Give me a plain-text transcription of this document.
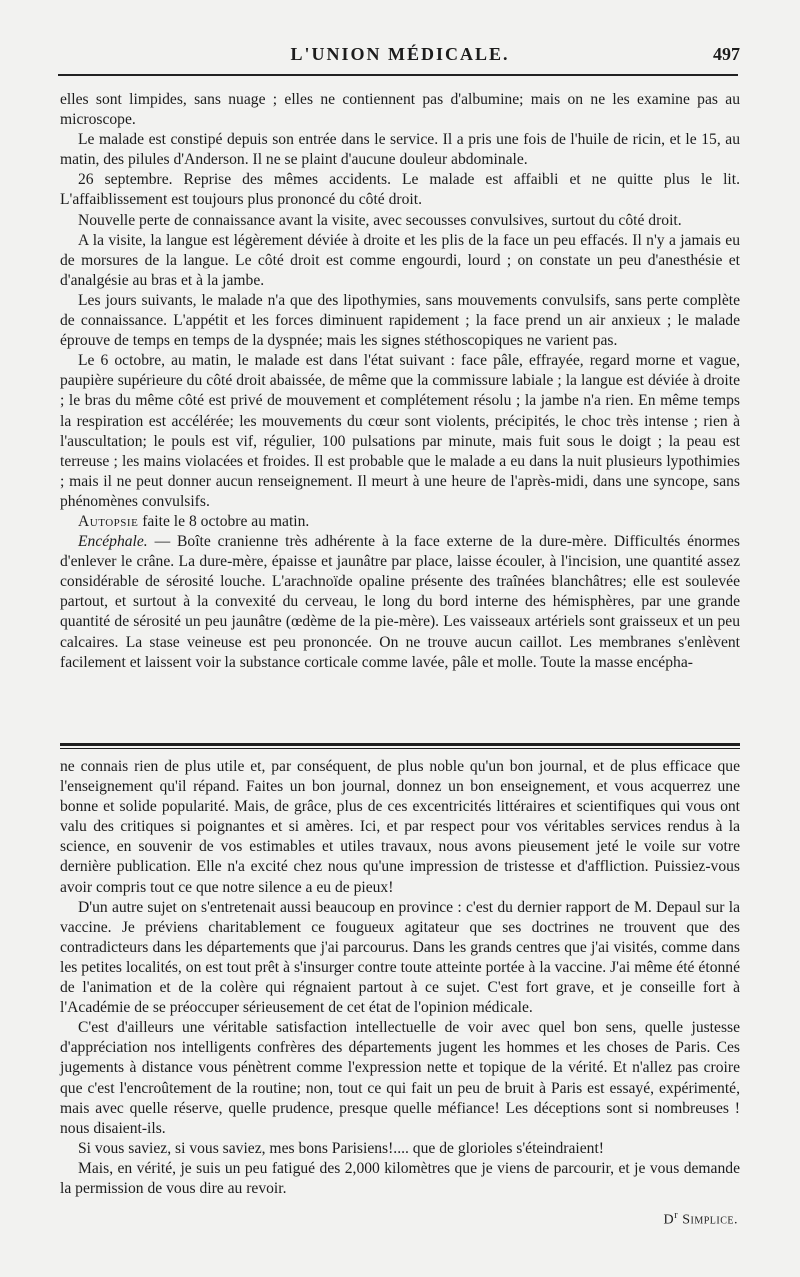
L'UNION MÉDICALE.	497

elles sont limpides, sans nuage ; elles ne contiennent pas d'albumine; mais on ne les examine pas au microscope.

Le malade est constipé depuis son entrée dans le service. Il a pris une fois de l'huile de ricin, et le 15, au matin, des pilules d'Anderson. Il ne se plaint d'aucune douleur abdominale.

26 septembre. Reprise des mêmes accidents. Le malade est affaibli et ne quitte plus le lit. L'affaiblissement est toujours plus prononcé du côté droit.

Nouvelle perte de connaissance avant la visite, avec secousses convulsives, surtout du côté droit.

A la visite, la langue est légèrement déviée à droite et les plis de la face un peu effacés. Il n'y a jamais eu de morsures de la langue. Le côté droit est comme engourdi, lourd ; on constate un peu d'anesthésie et d'analgésie au bras et à la jambe.

Les jours suivants, le malade n'a que des lipothymies, sans mouvements convulsifs, sans perte complète de connaissance. L'appétit et les forces diminuent rapidement ; la face prend un air anxieux ; le malade éprouve de temps en temps de la dyspnée; mais les signes stéthoscopiques ne varient pas.

Le 6 octobre, au matin, le malade est dans l'état suivant : face pâle, effrayée, regard morne et vague, paupière supérieure du côté droit abaissée, de même que la commissure labiale ; la langue est déviée à droite ; le bras du même côté est privé de mouvement et complétement résolu ; la jambe n'a rien. En même temps la respiration est accélérée; les mouvements du cœur sont violents, précipités, le choc très intense ; rien à l'auscultation; le pouls est vif, régulier, 100 pulsations par minute, mais fuit sous le doigt ; la peau est terreuse ; les mains violacées et froides. Il est probable que le malade a eu dans la nuit plusieurs lypothimies ; mais il ne peut donner aucun renseignement. Il meurt à une heure de l'après-midi, dans une syncope, sans phénomènes convulsifs.

Autopsie faite le 8 octobre au matin.

Encéphale. — Boîte cranienne très adhérente à la face externe de la dure-mère. Difficultés énormes d'enlever le crâne. La dure-mère, épaisse et jaunâtre par place, laisse écouler, à l'incision, une quantité assez considérable de sérosité louche. L'arachnoïde opaline présente des traînées blanchâtres; elle est soulevée partout, et surtout à la convexité du cerveau, le long du bord interne des hémisphères, par une grande quantité de sérosité un peu jaunâtre (œdème de la pie-mère). Les vaisseaux artériels sont graisseux et un peu calcaires. La stase veineuse est peu prononcée. On ne trouve aucun caillot. Les membranes s'enlèvent facilement et laissent voir la substance corticale comme lavée, pâle et molle. Toute la masse encépha-

ne connais rien de plus utile et, par conséquent, de plus noble qu'un bon journal, et de plus efficace que l'enseignement qu'il répand. Faites un bon journal, donnez un bon enseignement, et vous acquerrez une bonne et solide popularité. Mais, de grâce, plus de ces excentricités littéraires et scientifiques qui vous ont valu des critiques si poignantes et si amères. Ici, et par respect pour vos véritables services rendus à la science, en souvenir de vos estimables et utiles travaux, nous avons pieusement jeté le voile sur votre dernière publication. Elle n'a excité chez nous qu'une impression de tristesse et d'affliction. Puissiez-vous avoir compris tout ce que notre silence a eu de pieux!

D'un autre sujet on s'entretenait aussi beaucoup en province : c'est du dernier rapport de M. Depaul sur la vaccine. Je préviens charitablement ce fougueux agitateur que ses doctrines ne trouvent que des contradicteurs dans les départements que j'ai parcourus. Dans les grands centres que j'ai visités, comme dans les petites localités, on est tout prêt à s'insurger contre toute atteinte portée à la vaccine. J'ai même été étonné de l'animation et de la colère qui régnaient partout à ce sujet. C'est fort grave, et je conseille fort à l'Académie de se préoccuper sérieusement de cet état de l'opinion médicale.

C'est d'ailleurs une véritable satisfaction intellectuelle de voir avec quel bon sens, quelle justesse d'appréciation nos intelligents confrères des départements jugent les hommes et les choses de Paris. Ces jugements à distance vous pénètrent comme l'expression nette et topique de la vérité. Et n'allez pas croire que c'est l'encroûtement de la routine; non, tout ce qui fait un peu de bruit à Paris est essayé, expérimenté, mais avec quelle réserve, quelle prudence, presque quelle méfiance! Les déceptions sont si nombreuses ! nous disaient-ils.

Si vous saviez, si vous saviez, mes bons Parisiens!.... que de glorioles s'éteindraient!

Mais, en vérité, je suis un peu fatigué des 2,000 kilomètres que je viens de parcourir, et je vous demande la permission de vous dire au revoir.

$D^r$ Simplice.
